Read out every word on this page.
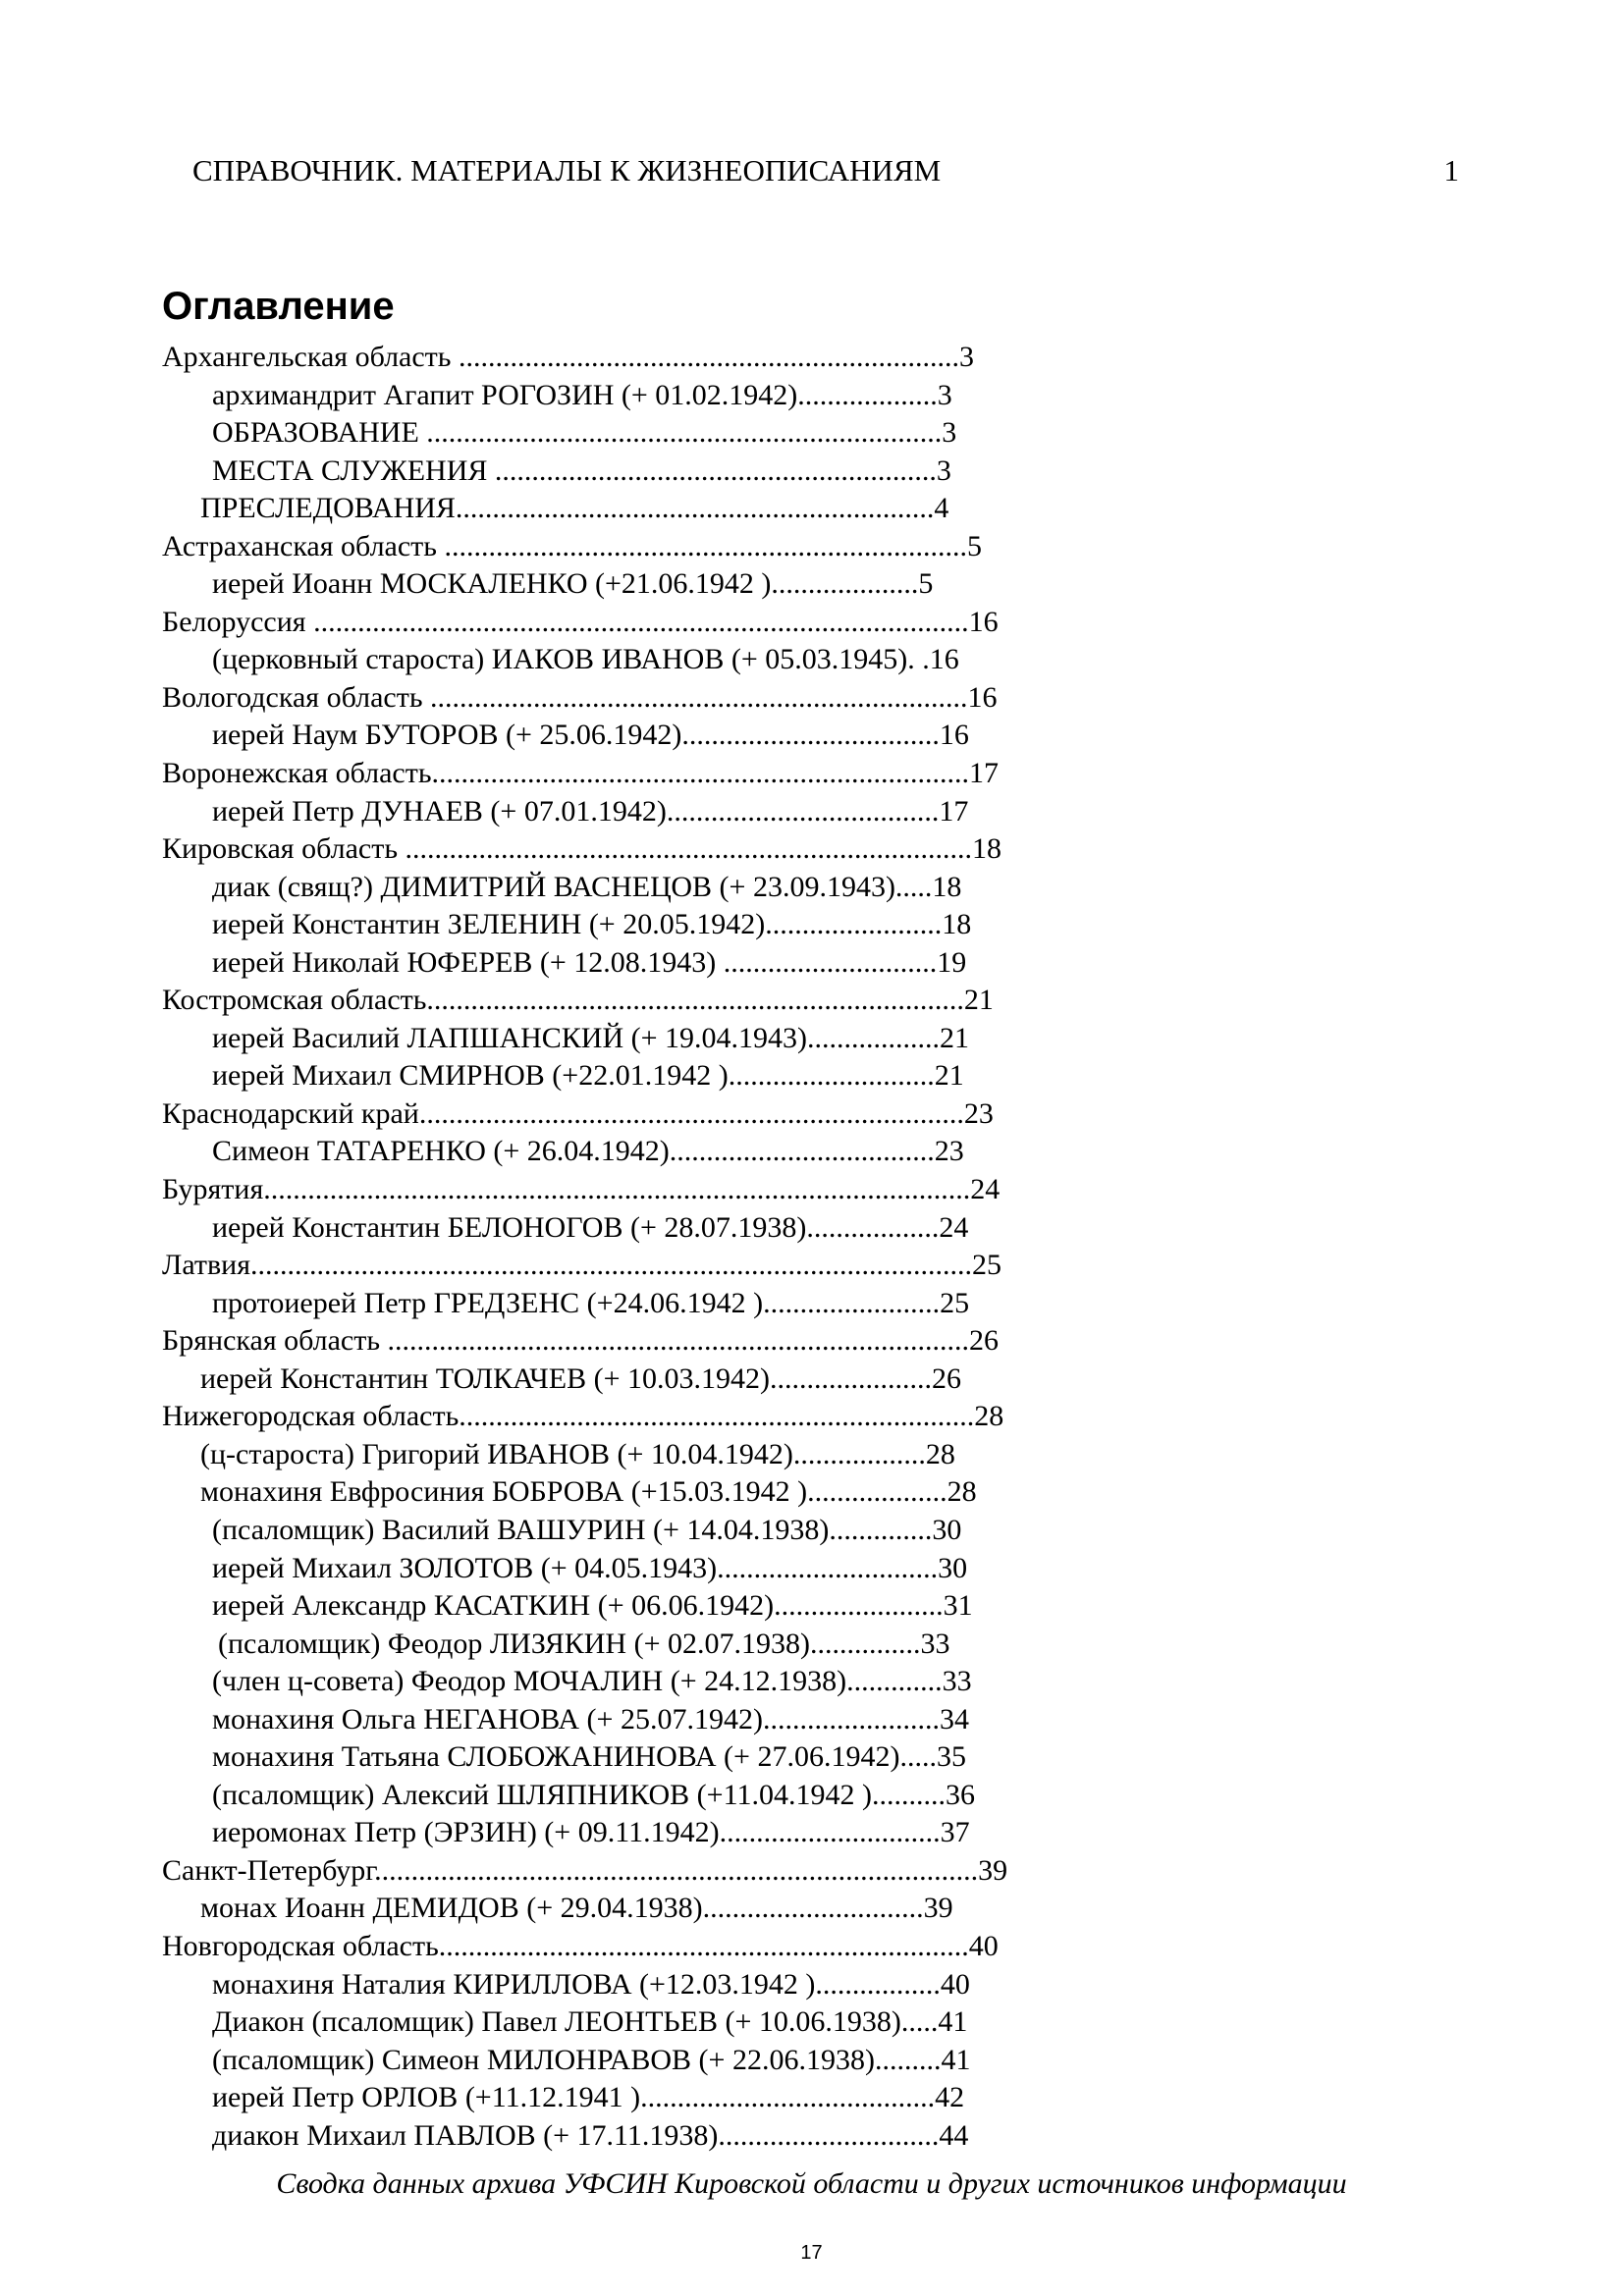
СПРАВОЧНИК. МАТЕРИАЛЫ К ЖИЗНЕОПИСАНИЯМ	1
Оглавление
Архангельская область ....................................................................3
архимандрит Агапит РОГОЗИН (+ 01.02.1942)...................3
ОБРАЗОВАНИЕ ......................................................................3
МЕСТА СЛУЖЕНИЯ ............................................................3
ПРЕСЛЕДОВАНИЯ.................................................................4
Астраханская область .......................................................................5
иерей Иоанн МОСКАЛЕНКО (+21.06.1942 )....................5
Белоруссия .........................................................................................16
(церковный староста) ИАКОВ ИВАНОВ (+ 05.03.1945). .16
Вологодская область .........................................................................16
иерей Наум БУТОРОВ (+ 25.06.1942)...................................16
Воронежская область.........................................................................17
иерей Петр ДУНАЕВ (+ 07.01.1942).....................................17
Кировская область .............................................................................18
диак (свящ?) ДИМИТРИЙ ВАСНЕЦОВ (+ 23.09.1943).....18
иерей Константин ЗЕЛЕНИН (+ 20.05.1942)........................18
иерей Николай ЮФЕРЕВ (+ 12.08.1943) .............................19
Костромская область.........................................................................21
иерей Василий ЛАПШАНСКИЙ (+ 19.04.1943)..................21
иерей Михаил СМИРНОВ (+22.01.1942 )............................21
Краснодарский край..........................................................................23
Симеон ТАТАРЕНКО (+ 26.04.1942)....................................23
Бурятия................................................................................................24
иерей Константин БЕЛОНОГОВ (+ 28.07.1938)..................24
Латвия..................................................................................................25
протоиерей Петр ГРЕДЗЕНС (+24.06.1942 )........................25
Брянская область ...............................................................................26
иерей Константин ТОЛКАЧЕВ (+ 10.03.1942)......................26
Нижегородская область......................................................................28
(ц-староста) Григорий ИВАНОВ (+ 10.04.1942)..................28
монахиня Евфросиния БОБРОВА (+15.03.1942 )...................28
(псаломщик) Василий ВАШУРИН (+ 14.04.1938)..............30
иерей Михаил ЗОЛОТОВ (+ 04.05.1943)..............................30
иерей Александр КАСАТКИН (+ 06.06.1942).......................31
(псаломщик) Феодор ЛИЗЯКИН (+ 02.07.1938)...............33
(член ц-совета) Феодор МОЧАЛИН (+ 24.12.1938).............33
монахиня Ольга НЕГАНОВА (+ 25.07.1942)........................34
монахиня Татьяна СЛОБОЖАНИНОВА (+ 27.06.1942).....35
(псаломщик) Алексий ШЛЯПНИКОВ (+11.04.1942 )..........36
иеромонах Петр (ЭРЗИН) (+ 09.11.1942)..............................37
Санкт-Петербург..................................................................................39
монах Иоанн ДЕМИДОВ (+ 29.04.1938)..............................39
Новгородская область........................................................................40
монахиня Наталия КИРИЛЛОВА (+12.03.1942 ).................40
Диакон (псаломщик) Павел ЛЕОНТЬЕВ (+ 10.06.1938).....41
(псаломщик) Симеон МИЛОНРАВОВ (+ 22.06.1938).........41
иерей Петр ОРЛОВ (+11.12.1941 )........................................42
диакон Михаил ПАВЛОВ (+ 17.11.1938)..............................44
Сводка данных архива УФСИН Кировской области и других источников информации
17
